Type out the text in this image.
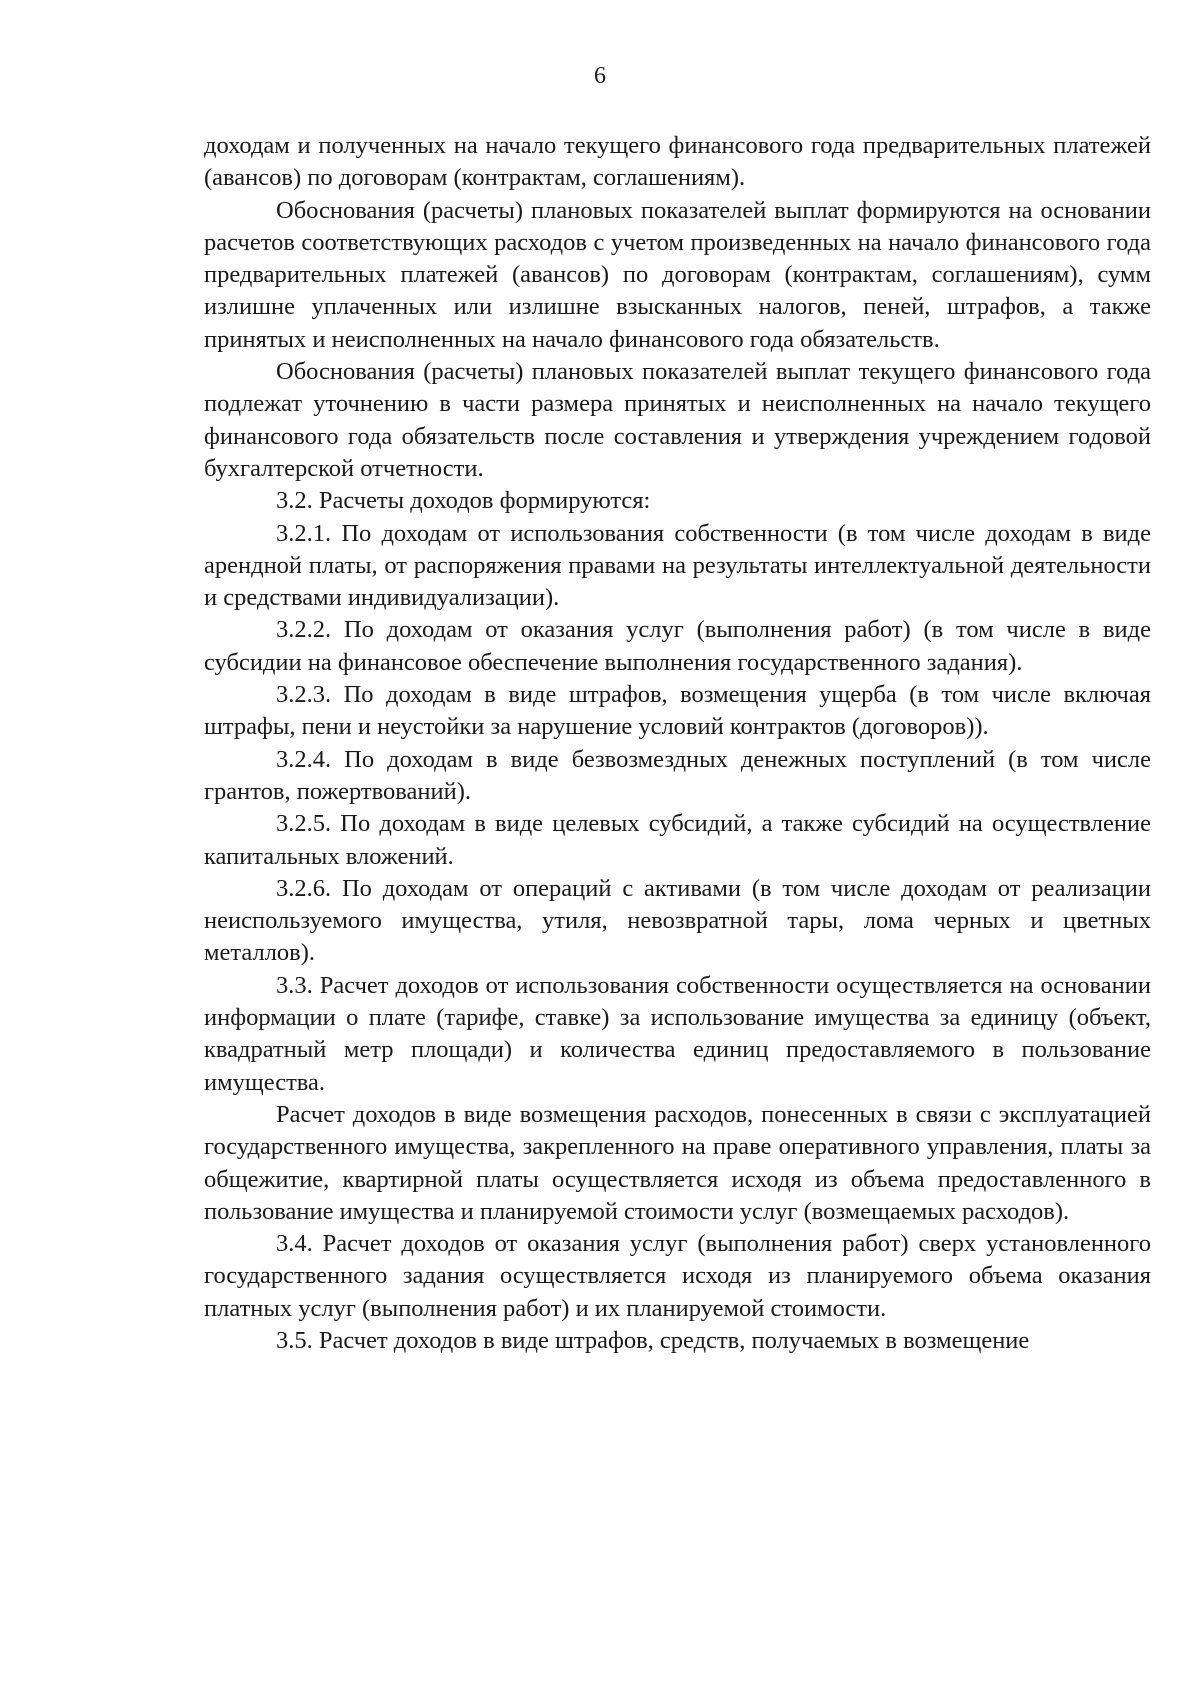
6

доходам и полученных на начало текущего финансового года предварительных платежей (авансов) по договорам (контрактам, соглашениям).

Обоснования (расчеты) плановых показателей выплат формируются на основании расчетов соответствующих расходов с учетом произведенных на начало финансового года предварительных платежей (авансов) по договорам (контрактам, соглашениям), сумм излишне уплаченных или излишне взысканных налогов, пеней, штрафов, а также принятых и неисполненных на начало финансового года обязательств.

Обоснования (расчеты) плановых показателей выплат текущего финансового года подлежат уточнению в части размера принятых и неисполненных на начало текущего финансового года обязательств после составления и утверждения учреждением годовой бухгалтерской отчетности.

3.2. Расчеты доходов формируются:

3.2.1. По доходам от использования собственности (в том числе доходам в виде арендной платы, от распоряжения правами на результаты интеллектуальной деятельности и средствами индивидуализации).

3.2.2. По доходам от оказания услуг (выполнения работ) (в том числе в виде субсидии на финансовое обеспечение выполнения государственного задания).

3.2.3. По доходам в виде штрафов, возмещения ущерба (в том числе включая штрафы, пени и неустойки за нарушение условий контрактов (договоров)).

3.2.4. По доходам в виде безвозмездных денежных поступлений (в том числе грантов, пожертвований).

3.2.5. По доходам в виде целевых субсидий, а также субсидий на осуществление капитальных вложений.

3.2.6. По доходам от операций с активами (в том числе доходам от реализации неиспользуемого имущества, утиля, невозвратной тары, лома черных и цветных металлов).

3.3. Расчет доходов от использования собственности осуществляется на основании информации о плате (тарифе, ставке) за использование имущества за единицу (объект, квадратный метр площади) и количества единиц предоставляемого в пользование имущества.

Расчет доходов в виде возмещения расходов, понесенных в связи с эксплуатацией государственного имущества, закрепленного на праве оперативного управления, платы за общежитие, квартирной платы осуществляется исходя из объема предоставленного в пользование имущества и планируемой стоимости услуг (возмещаемых расходов).

3.4. Расчет доходов от оказания услуг (выполнения работ) сверх установленного государственного задания осуществляется исходя из планируемого объема оказания платных услуг (выполнения работ) и их планируемой стоимости.

3.5. Расчет доходов в виде штрафов, средств, получаемых в возмещение
